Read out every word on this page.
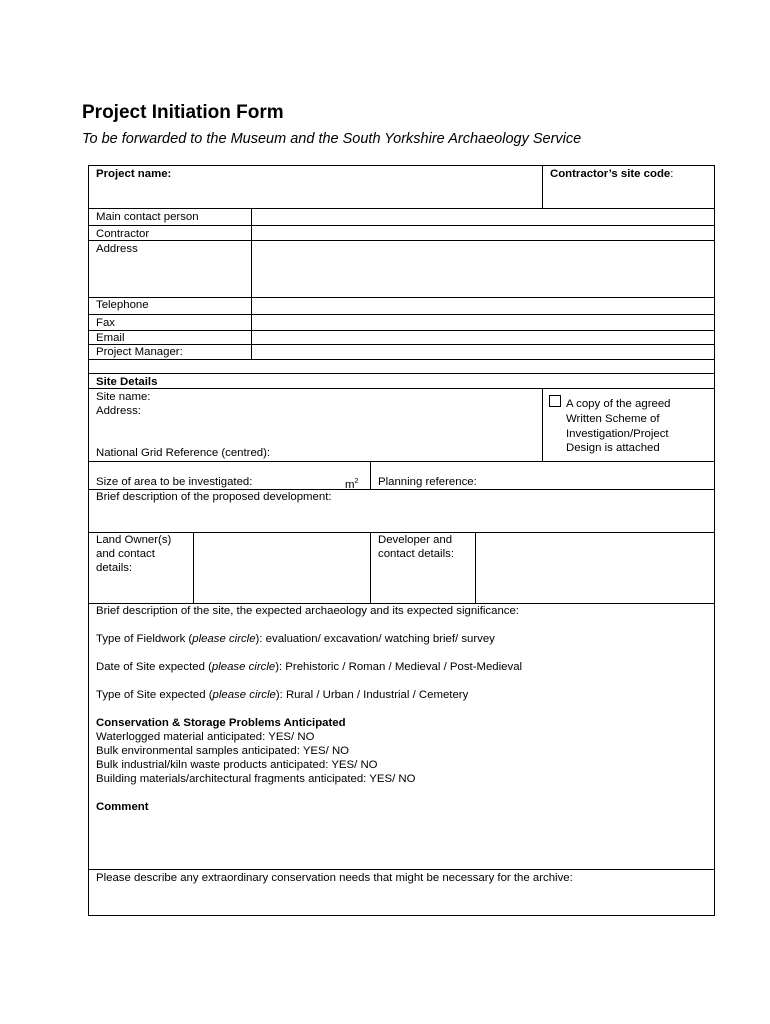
Project Initiation Form
To be forwarded to the Museum and the South Yorkshire Archaeology Service
Project name:	Contractor’s site code:
Main contact person
Contractor
Address
Telephone
Fax
Email
Project Manager:
Site Details
Site name:
Address:
National Grid Reference (centred):
A copy of the agreed
Written Scheme of
Investigation/Project
Design is attached
Size of area to be investigated:	$m^2$ Planning reference:
Brief description of the proposed development:
Land Owner(s)
and contact
details:
Developer and
contact details:
Brief description of the site, the expected archaeology and its expected significance:
Type of Fieldwork (please circle): evaluation/ excavation/ watching brief/ survey
Date of Site expected (please circle): Prehistoric / Roman / Medieval / Post-Medieval
Type of Site expected (please circle): Rural / Urban / Industrial / Cemetery
Conservation & Storage Problems Anticipated
Waterlogged material anticipated: YES/ NO
Bulk environmental samples anticipated: YES/ NO
Bulk industrial/kiln waste products anticipated: YES/ NO
Building materials/architectural fragments anticipated: YES/ NO
Comment
Please describe any extraordinary conservation needs that might be necessary for the archive:
